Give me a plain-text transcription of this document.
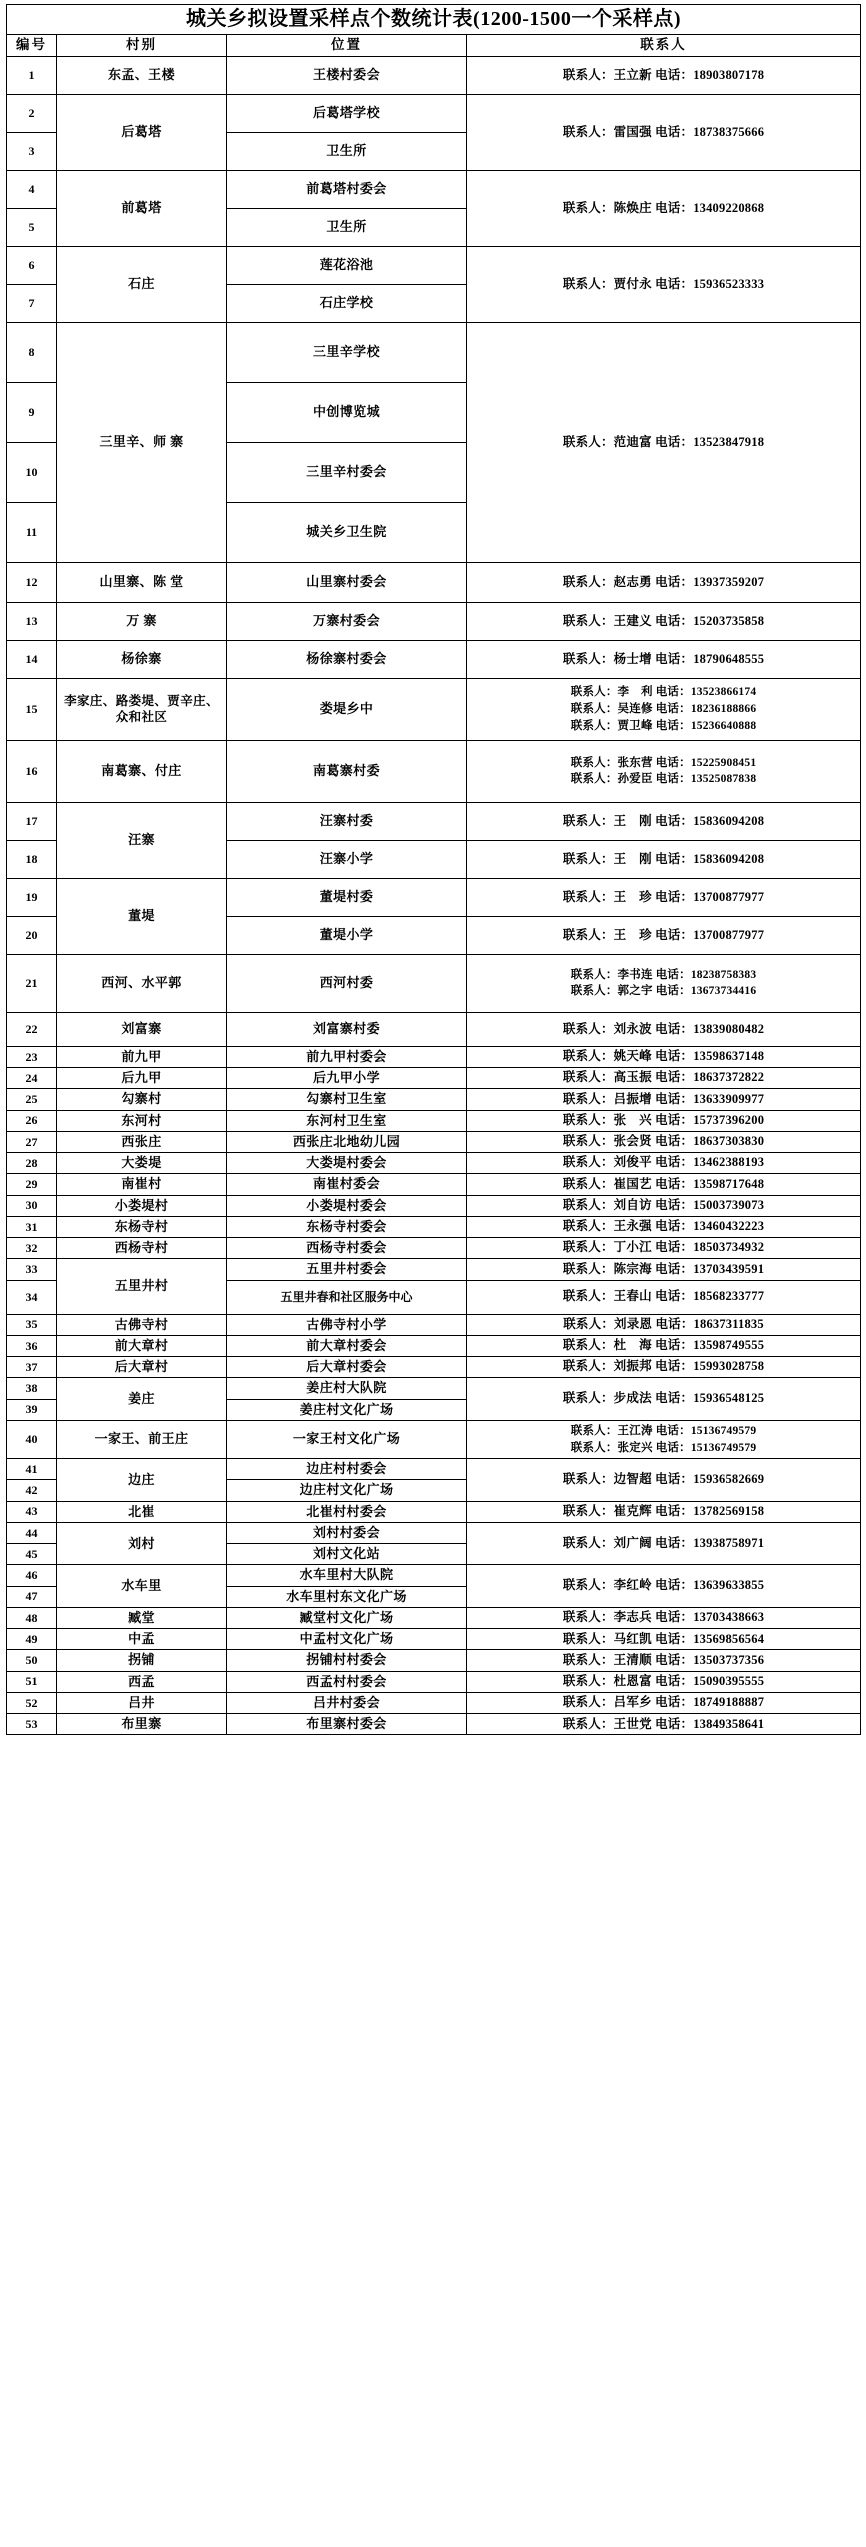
城关乡拟设置采样点个数统计表(1200-1500一个采样点)			
编号	村别	位置	联系人
1	东孟、王楼	王楼村委会	联系人：王立新 电话：18903807178

2	后葛塔	后葛塔学校	联系人：雷国强 电话：18738375666

3		卫生所	
4	前葛塔	前葛塔村委会	联系人：陈焕庄 电话：13409220868

5		卫生所	
6	石庄	莲花浴池	联系人：贾付永 电话：15936523333

7		石庄学校	
8	三里辛、师 寨	三里辛学校	联系人：范迪富 电话：13523847918

9		中创博览城	
10		三里辛村委会	
11		城关乡卫生院	
12	山里寨、陈 堂	山里寨村委会	联系人：赵志勇 电话：13937359207

13	万 寨	万寨村委会	联系人：王建义 电话：15203735858

14	杨徐寨	杨徐寨村委会	联系人：杨士增 电话：18790648555

15	李家庄、路娄堤、贾辛庄、众和社区	娄堤乡中	联系人：李　利 电话：13523866174
联系人：吴连修 电话：18236188866
联系人：贾卫峰 电话：15236640888

16	南葛寨、付庄	南葛寨村委	联系人：张东营 电话：15225908451
联系人：孙爱臣 电话：13525087838

17	汪寨	汪寨村委	联系人：王　刚 电话：15836094208

18		汪寨小学	联系人：王　刚 电话：15836094208

19	董堤	董堤村委	联系人：王　珍 电话：13700877977

20		董堤小学	联系人：王　珍 电话：13700877977

21	西河、水平郭	西河村委	联系人：李书连 电话：18238758383
联系人：郭之宇 电话：13673734416

22	刘富寨	刘富寨村委	联系人：刘永波 电话：13839080482

23	前九甲	前九甲村委会	联系人：姚天峰 电话：13598637148

24	后九甲	后九甲小学	联系人：高玉振 电话：18637372822

25	勾寨村	勾寨村卫生室	联系人：吕振增 电话：13633909977

26	东河村	东河村卫生室	联系人：张　兴 电话：15737396200

27	西张庄	西张庄北地幼儿园	联系人：张会贤 电话：18637303830

28	大娄堤	大娄堤村委会	联系人：刘俊平 电话：13462388193

29	南崔村	南崔村委会	联系人：崔国艺 电话：13598717648

30	小娄堤村	小娄堤村委会	联系人：刘自访 电话：15003739073

31	东杨寺村	东杨寺村委会	联系人：王永强 电话：13460432223

32	西杨寺村	西杨寺村委会	联系人：丁小江 电话：18503734932

33	五里井村	五里井村委会	联系人：陈宗海 电话：13703439591

34		五里井春和社区服务中心	联系人：王春山 电话：18568233777

35	古佛寺村	古佛寺村小学	联系人：刘录恩 电话：18637311835

36	前大章村	前大章村委会	联系人：杜　海 电话：13598749555

37	后大章村	后大章村委会	联系人：刘振邦 电话：15993028758

38	姜庄	姜庄村大队院	联系人：步成法 电话：15936548125

39		姜庄村文化广场	
40	一家王、前王庄	一家王村文化广场	联系人：王江涛 电话：15136749579
联系人：张定兴 电话：15136749579

41	边庄	边庄村村委会	联系人：边智超 电话：15936582669

42		边庄村文化广场	
43	北崔	北崔村村委会	联系人：崔克辉 电话：13782569158

44	刘村	刘村村委会	联系人：刘广阔 电话：13938758971

45		刘村文化站	
46	水车里	水车里村大队院	联系人：李红岭 电话：13639633855

47		水车里村东文化广场	
48	臧堂	臧堂村文化广场	联系人：李志兵 电话：13703438663

49	中孟	中孟村文化广场	联系人：马红凯 电话：13569856564

50	拐铺	拐铺村村委会	联系人：王清顺 电话：13503737356

51	西孟	西孟村村委会	联系人：杜恩富 电话：15090395555

52	吕井	吕井村委会	联系人：吕军乡 电话：18749188887

53	布里寨	布里寨村委会	联系人：王世党 电话：13849358641
